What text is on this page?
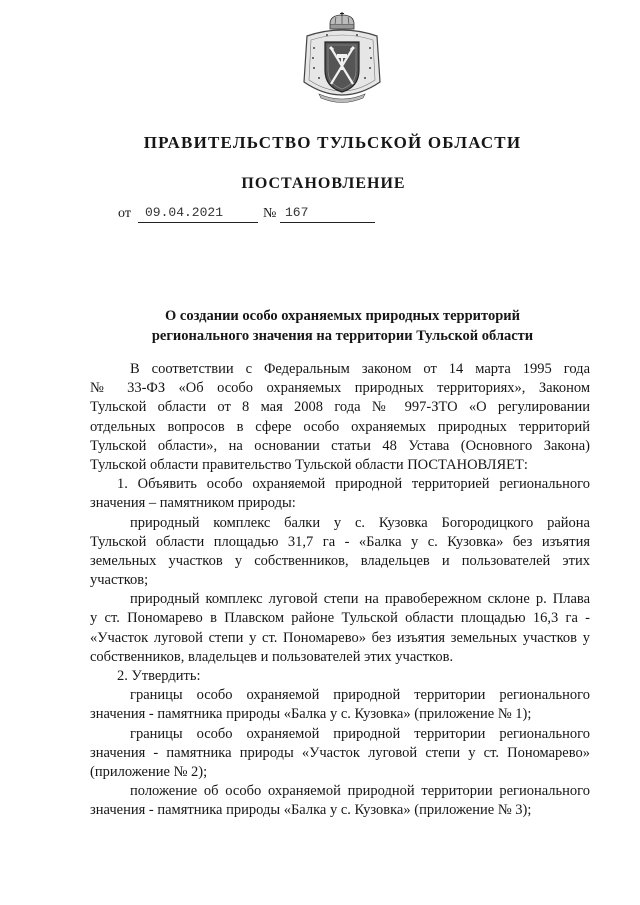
ПРАВИТЕЛЬСТВО ТУЛЬСКОЙ ОБЛАСТИ
ПОСТАНОВЛЕНИЕ
от	09.04.2021	№ 167
О создании особо охраняемых природных территорий
регионального значения на территории Тульской области
В соответствии с Федеральным законом от 14 марта 1995 года
№ 33-ФЗ «Об особо охраняемых природных территориях», Законом
Тульской области от 8 мая 2008 года № 997-ЗТО «О регулировании
отдельных вопросов в сфере особо охраняемых природных территорий
Тульской области», на основании статьи 48 Устава (Основного Закона)
Тульской области правительство Тульской области ПОСТАНОВЛЯЕТ:
1. Объявить особо охраняемой природной территорией регионального
значения – памятником природы:
природный комплекс балки у с. Кузовка Богородицкого района
Тульской области площадью 31,7 га - «Балка у с. Кузовка» без изъятия
земельных участков у собственников, владельцев и пользователей этих
участков;
природный комплекс луговой степи на правобережном склоне р. Плава
у ст. Пономарево в Плавском районе Тульской области площадью 16,3 га -
«Участок луговой степи у ст. Пономарево» без изъятия земельных участков у
собственников, владельцев и пользователей этих участков.
2. Утвердить:
границы особо охраняемой природной территории регионального
значения - памятника природы «Балка у с. Кузовка» (приложение № 1);
границы особо охраняемой природной территории регионального
значения - памятника природы «Участок луговой степи у ст. Пономарево»
(приложение № 2);
положение об особо охраняемой природной территории регионального
значения - памятника природы «Балка у с. Кузовка» (приложение № 3);
